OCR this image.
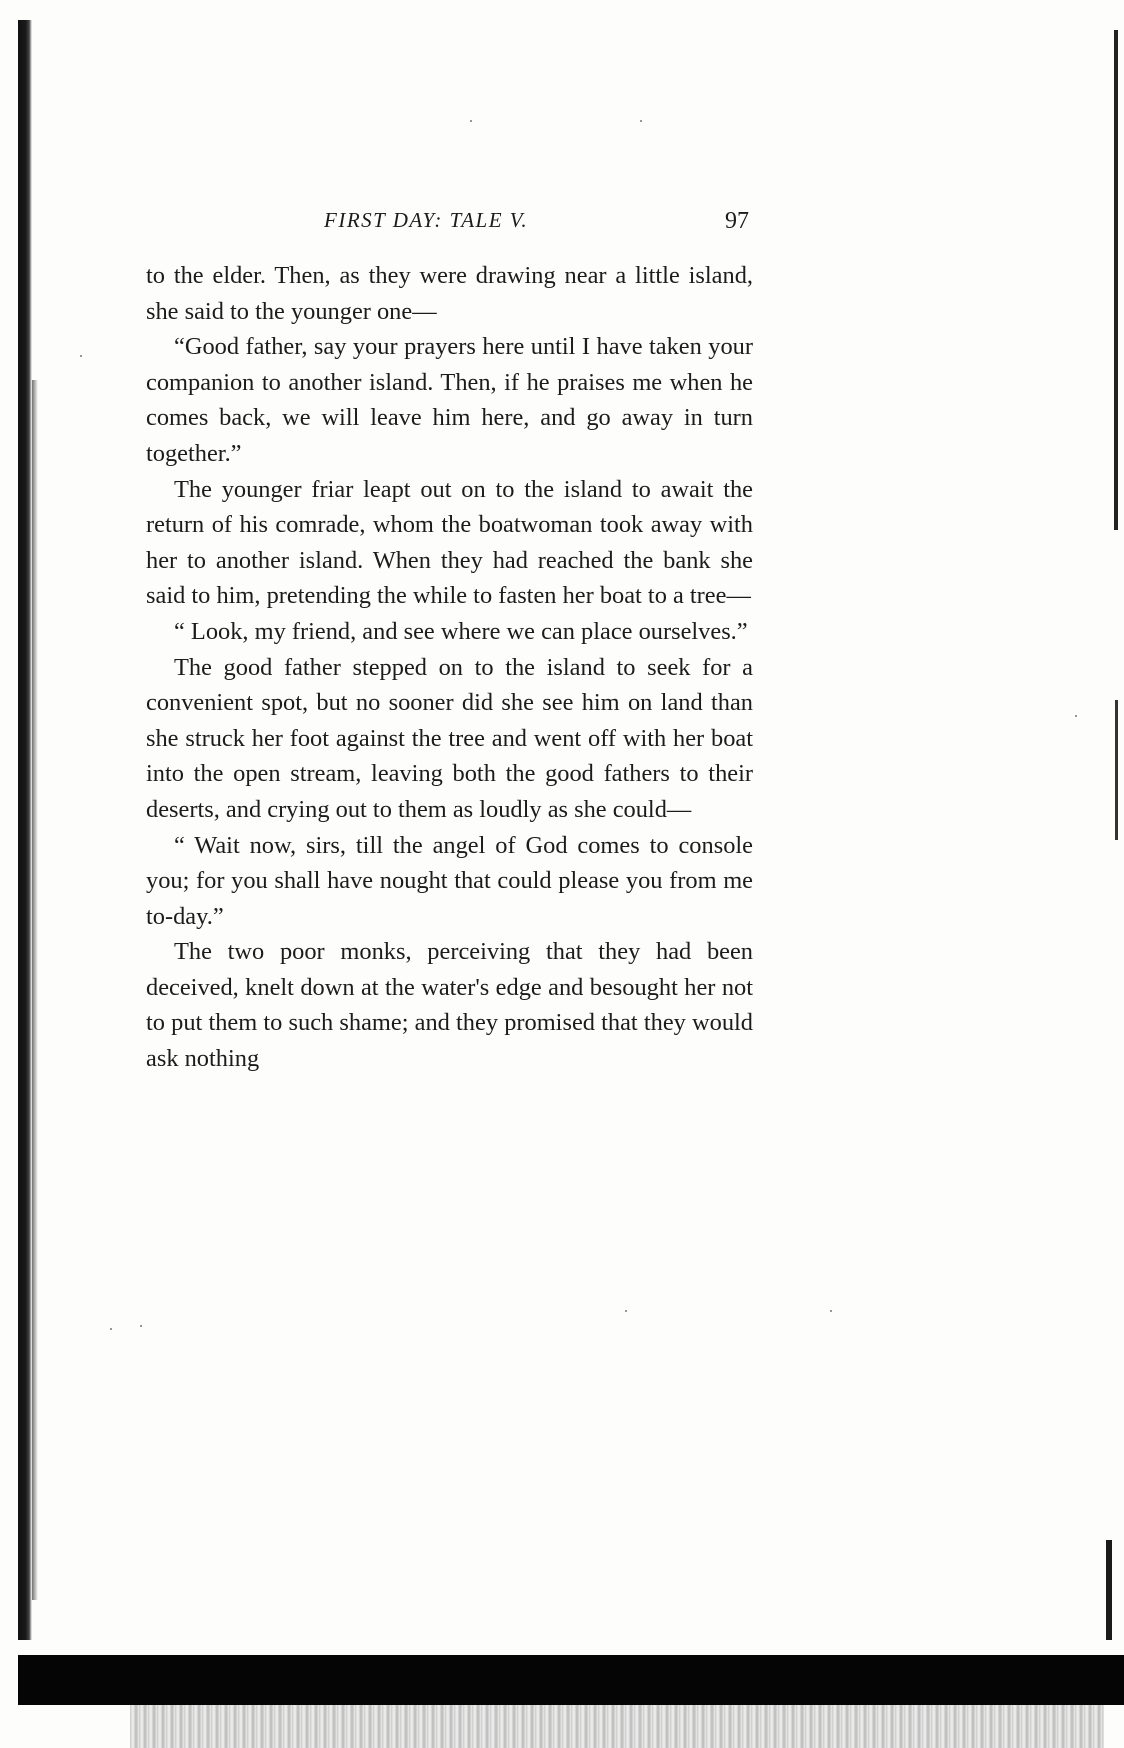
FIRST DAY: TALE V.	97

to the elder. Then, as they were drawing near a little island, she said to the younger one—

“Good father, say your prayers here until I have taken your companion to another island. Then, if he praises me when he comes back, we will leave him here, and go away in turn together.”

The younger friar leapt out on to the island to await the return of his comrade, whom the boatwoman took away with her to another island. When they had reached the bank she said to him, pretending the while to fasten her boat to a tree—

“ Look, my friend, and see where we can place ourselves.”

The good father stepped on to the island to seek for a convenient spot, but no sooner did she see him on land than she struck her foot against the tree and went off with her boat into the open stream, leaving both the good fathers to their deserts, and crying out to them as loudly as she could—

“ Wait now, sirs, till the angel of God comes to console you; for you shall have nought that could please you from me to-day.”

The two poor monks, perceiving that they had been deceived, knelt down at the water's edge and besought her not to put them to such shame; and they promised that they would ask nothing
